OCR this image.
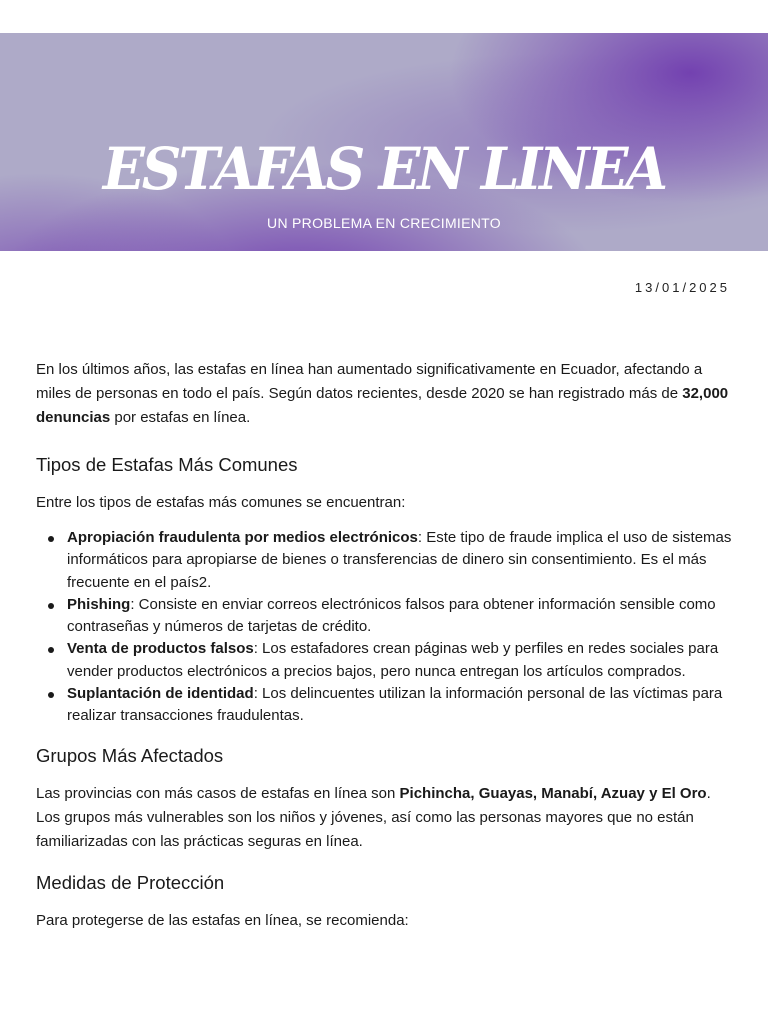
ESTAFAS EN LINEA
UN PROBLEMA EN CRECIMIENTO
13/01/2025

En los últimos años, las estafas en línea han aumentado significativamente en Ecuador, afectando a miles de personas en todo el país. Según datos recientes, desde 2020 se han registrado más de 32,000 denuncias por estafas en línea.

Tipos de Estafas Más Comunes

Entre los tipos de estafas más comunes se encuentran:

Apropiación fraudulenta por medios electrónicos: Este tipo de fraude implica el uso de sistemas informáticos para apropiarse de bienes o transferencias de dinero sin consentimiento. Es el más frecuente en el país2.
Phishing: Consiste en enviar correos electrónicos falsos para obtener información sensible como contraseñas y números de tarjetas de crédito.
Venta de productos falsos: Los estafadores crean páginas web y perfiles en redes sociales para vender productos electrónicos a precios bajos, pero nunca entregan los artículos comprados.
Suplantación de identidad: Los delincuentes utilizan la información personal de las víctimas para realizar transacciones fraudulentas.
Grupos Más Afectados

Las provincias con más casos de estafas en línea son Pichincha, Guayas, Manabí, Azuay y El Oro. Los grupos más vulnerables son los niños y jóvenes, así como las personas mayores que no están familiarizadas con las prácticas seguras en línea.

Medidas de Protección

Para protegerse de las estafas en línea, se recomienda:
